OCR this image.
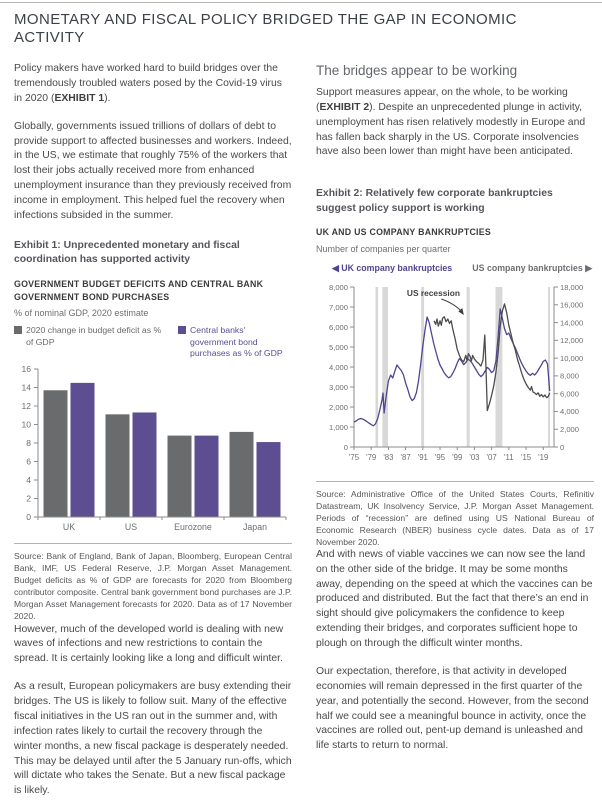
MONETARY AND FISCAL POLICY BRIDGED THE GAP IN ECONOMIC ACTIVITY

Policy makers have worked hard to build bridges over the tremendously troubled waters posed by the Covid-19 virus in 2020 (EXHIBIT 1).

Globally, governments issued trillions of dollars of debt to provide support to affected businesses and workers. Indeed, in the US, we estimate that roughly 75% of the workers that lost their jobs actually received more from enhanced unemployment insurance than they previously received from income in employment. This helped fuel the recovery when infections subsided in the summer.

Exhibit 1: Unprecedented monetary and fiscal coordination has supported activity
GOVERNMENT BUDGET DEFICITS AND CENTRAL BANK GOVERNMENT BOND PURCHASES
% of nominal GDP, 2020 estimate
2020 change in budget deficit as % of GDP
Central banks’ government bond purchases as % of GDP
0
2
4
6
8
10
12
14
16
UK	US	Eurozone	Japan
Source: Bank of England, Bank of Japan, Bloomberg, European Central Bank, IMF, US Federal Reserve, J.P. Morgan Asset Management. Budget deficits as % of GDP are forecasts for 2020 from Bloomberg contributor composite. Central bank government bond purchases are J.P. Morgan Asset Management forecasts for 2020. Data as of 17 November 2020.

However, much of the developed world is dealing with new waves of infections and new restrictions to contain the spread. It is certainly looking like a long and difficult winter.

As a result, European policymakers are busy extending their bridges. The US is likely to follow suit. Many of the effective fiscal initiatives in the US ran out in the summer and, with infection rates likely to curtail the recovery through the winter months, a new fiscal package is desperately needed. This may be delayed until after the 5 January run-offs, which will dictate who takes the Senate. But a new fiscal package is likely.

The bridges appear to be working

Support measures appear, on the whole, to be working (EXHIBIT 2). Despite an unprecedented plunge in activity, unemployment has risen relatively modestly in Europe and has fallen back sharply in the US. Corporate insolvencies have also been lower than might have been anticipated.

Exhibit 2: Relatively few corporate bankruptcies suggest policy support is working
UK AND US COMPANY BANKRUPTCIES
Number of companies per quarter
◀ UK company bankruptcies US company bankruptcies ▶
0
1,000
2,000
3,000
4,000
5,000
6,000
7,000
8,000
0
2,000
4,000
6,000
8,000
10,000
12,000
14,000
16,000
18,000
'75 '79 '83 '87 '91 '95 '99 '03 '07 '11 '15 '19
US recession
Source: Administrative Office of the United States Courts, Refinitiv Datastream, UK Insolvency Service, J.P. Morgan Asset Management. Periods of “recession” are defined using US National Bureau of Economic Research (NBER) business cycle dates. Data as of 17 November 2020.

And with news of viable vaccines we can now see the land on the other side of the bridge. It may be some months away, depending on the speed at which the vaccines can be produced and distributed. But the fact that there’s an end in sight should give policymakers the confidence to keep extending their bridges, and corporates sufficient hope to plough on through the difficult winter months.

Our expectation, therefore, is that activity in developed economies will remain depressed in the first quarter of the year, and potentially the second. However, from the second half we could see a meaningful bounce in activity, once the vaccines are rolled out, pent-up demand is unleashed and life starts to return to normal.
